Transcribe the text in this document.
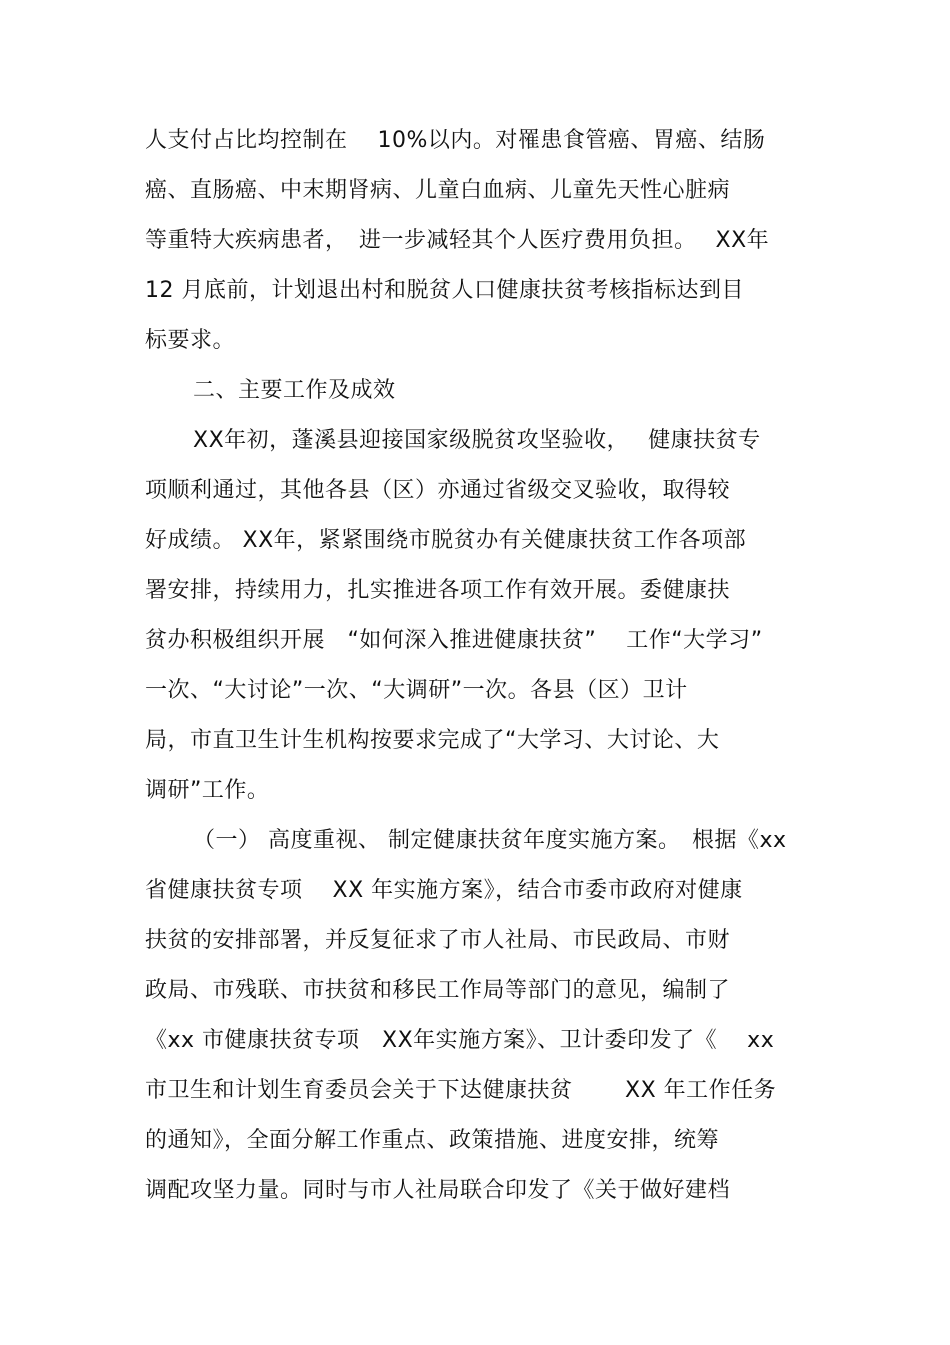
人支付占比均控制在　 10%以内。对罹患食管癌、胃癌、结肠
癌、直肠癌、中末期肾病、儿童白血病、儿童先天性心脏病
等重特大疾病患者，　进一步减轻其个人医疗费用负担。　 XX年
12 月底前，计划退出村和脱贫人口健康扶贫考核指标达到目
标要求。
二、主要工作及成效
XX年初，蓬溪县迎接国家级脱贫攻坚验收，　 健康扶贫专
项顺利通过，其他各县（区）亦通过省级交叉验收，取得较
好成绩。 XX年，紧紧围绕市脱贫办有关健康扶贫工作各项部
署安排，持续用力，扎实推进各项工作有效开展。委健康扶
贫办积极组织开展　“如何深入推进健康扶贫”　 工作“大学习”
一次、“大讨论”一次、“大调研”一次。各县（区）卫计
局，市直卫生计生机构按要求完成了“大学习、大讨论、大
调研”工作。
（一） 高度重视、 制定健康扶贫年度实施方案。　根据《xx
省健康扶贫专项　 XX 年实施方案》，结合市委市政府对健康
扶贫的安排部署，并反复征求了市人社局、市民政局、市财
政局、市残联、市扶贫和移民工作局等部门的意见，编制了
《xx 市健康扶贫专项　XX年实施方案》、卫计委印发了《　 xx
市卫生和计划生育委员会关于下达健康扶贫　　 XX 年工作任务
的通知》，全面分解工作重点、政策措施、进度安排，统筹
调配攻坚力量。同时与市人社局联合印发了《关于做好建档
